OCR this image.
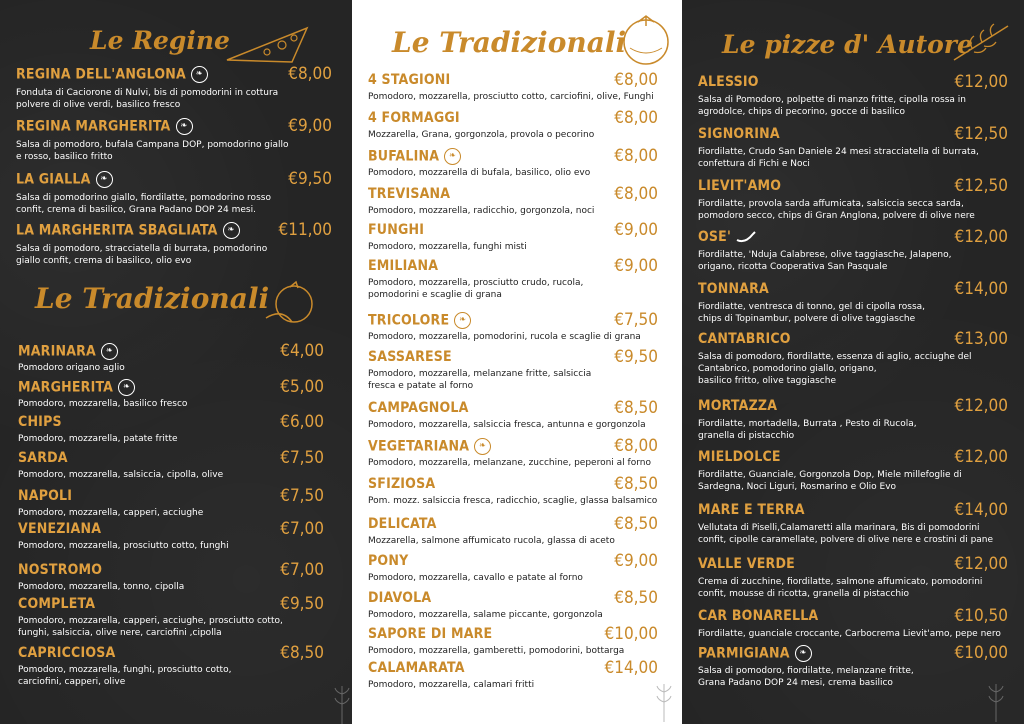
Le Regine
REGINA DELL'ANGLONA ❧	€8,00
Fonduta di Caciorone di Nulvi, bis di pomodorini in cottura
polvere di olive verdi, basilico fresco
REGINA MARGHERITA ❧	€9,00
Salsa di pomodoro, bufala Campana DOP, pomodorino giallo
e rosso, basilico fritto
LA GIALLA ❧	€9,50
Salsa di pomodorino giallo, fiordilatte, pomodorino rosso
confit, crema di basilico, Grana Padano DOP 24 mesi.
LA MARGHERITA SBAGLIATA ❧	€11,00
Salsa di pomodoro, stracciatella di burrata, pomodorino
giallo confit, crema di basilico, olio evo
Le Tradizionali
MARINARA ❧	€4,00
Pomodoro origano aglio
MARGHERITA ❧	€5,00
Pomodoro, mozzarella, basilico fresco
CHIPS	€6,00
Pomodoro, mozzarella, patate fritte
SARDA	€7,50
Pomodoro, mozzarella, salsiccia, cipolla, olive
NAPOLI	€7,50
Pomodoro, mozzarella, capperi, acciughe
VENEZIANA	€7,00
Pomodoro, mozzarella, prosciutto cotto, funghi
NOSTROMO	€7,00
Pomodoro, mozzarella, tonno, cipolla
COMPLETA	€9,50
Pomodoro, mozzarella, capperi, acciughe, prosciutto cotto,
funghi, salsiccia, olive nere, carciofini ,cipolla
CAPRICCIOSA	€8,50
Pomodoro, mozzarella, funghi, prosciutto cotto,
carciofini, capperi, olive
Le Tradizionali
4 STAGIONI	€8,00
Pomodoro, mozzarella, prosciutto cotto, carciofini, olive, Funghi
4 FORMAGGI	€8,00
Mozzarella, Grana, gorgonzola, provola o pecorino
BUFALINA ❧	€8,00
Pomodoro, mozzarella di bufala, basilico, olio evo
TREVISANA	€8,00
Pomodoro, mozzarella, radicchio, gorgonzola, noci
FUNGHI	€9,00
Pomodoro, mozzarella, funghi misti
EMILIANA	€9,00
Pomodoro, mozzarella, prosciutto crudo, rucola,
pomodorini e scaglie di grana
TRICOLORE ❧	€7,50
Pomodoro, mozzarella, pomodorini, rucola e scaglie di grana
SASSARESE	€9,50
Pomodoro, mozzarella, melanzane fritte, salsiccia
fresca e patate al forno
CAMPAGNOLA	€8,50
Pomodoro, mozzarella, salsiccia fresca, antunna e gorgonzola
VEGETARIANA ❧	€8,00
Pomodoro, mozzarella, melanzane, zucchine, peperoni al forno
SFIZIOSA	€8,50
Pom. mozz. salsiccia fresca, radicchio, scaglie, glassa balsamico
DELICATA	€8,50
Mozzarella, salmone affumicato rucola, glassa di aceto
PONY	€9,00
Pomodoro, mozzarella, cavallo e patate al forno
DIAVOLA	€8,50
Pomodoro, mozzarella, salame piccante, gorgonzola
SAPORE DI MARE	€10,00
Pomodoro, mozzarella, gamberetti, pomodorini, bottarga
CALAMARATA	€14,00
Pomodoro, mozzarella, calamari fritti
Le pizze d' Autore
ALESSIO	€12,00
Salsa di Pomodoro, polpette di manzo fritte, cipolla rossa in
agrodolce, chips di pecorino, gocce di basilico
SIGNORINA	€12,50
Fiordilatte, Crudo San Daniele 24 mesi stracciatella di burrata,
confettura di Fichi e Noci
LIEVIT'AMO	€12,50
Fiordilatte, provola sarda affumicata, salsiccia secca sarda,
pomodoro secco, chips di Gran Anglona, polvere di olive nere
OSE'	€12,00
Fiordilatte, 'Nduja Calabrese, olive taggiasche, Jalapeno,
origano, ricotta Cooperativa San Pasquale
TONNARA	€14,00
Fiordilatte, ventresca di tonno, gel di cipolla rossa,
chips di Topinambur, polvere di olive taggiasche
CANTABRICO	€13,00
Salsa di pomodoro, fiordilatte, essenza di aglio, acciughe del
Cantabrico, pomodorino giallo, origano,
basilico fritto, olive taggiasche
MORTAZZA	€12,00
Fiordilatte, mortadella, Burrata , Pesto di Rucola,
granella di pistacchio
MIELDOLCE	€12,00
Fiordilatte, Guanciale, Gorgonzola Dop, Miele millefoglie di
Sardegna, Noci Liguri, Rosmarino e Olio Evo
MARE E TERRA	€14,00
Vellutata di Piselli,Calamaretti alla marinara, Bis di pomodorini
confit, cipolle caramellate, polvere di olive nere e crostini di pane
VALLE VERDE	€12,00
Crema di zucchine, fiordilatte, salmone affumicato, pomodorini
confit, mousse di ricotta, granella di pistacchio
CAR BONARELLA	€10,50
Fiordilatte, guanciale croccante, Carbocrema Lievit'amo, pepe nero
PARMIGIANA ❧	€10,00
Salsa di pomodoro, fiordilatte, melanzane fritte,
Grana Padano DOP 24 mesi, crema basilico
